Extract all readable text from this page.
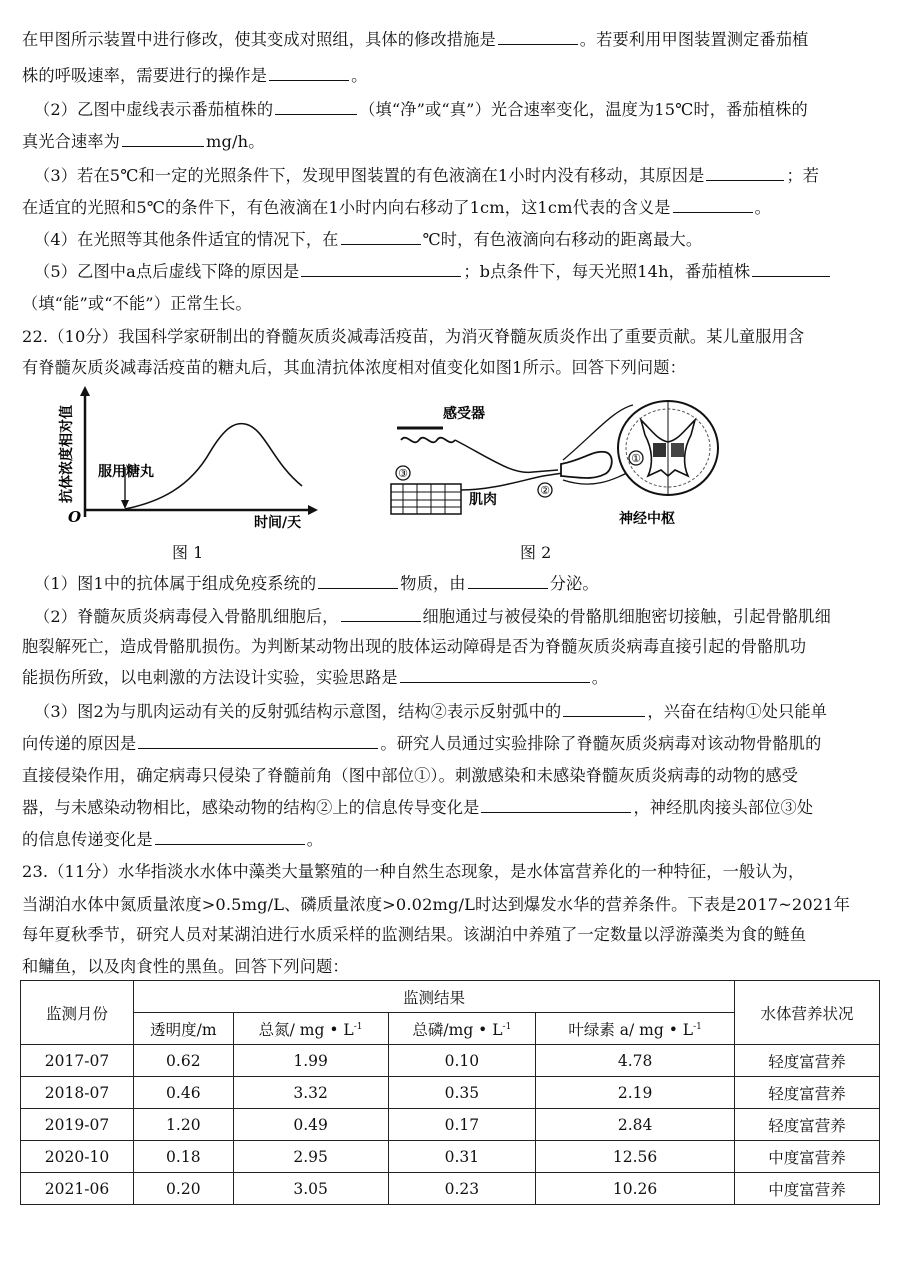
在甲图所示装置中进行修改，使其变成对照组，具体的修改措施是	。若要利用甲图装置测定番茄植
株的呼吸速率，需要进行的操作是	。
（2）乙图中虚线表示番茄植株的	（填“净”或“真”）光合速率变化，温度为15℃时，番茄植株的
真光合速率为	mg/h。
（3）若在5℃和一定的光照条件下，发现甲图装置的有色液滴在1小时内没有移动，其原因是	；若
在适宜的光照和5℃的条件下，有色液滴在1小时内向右移动了1cm，这1cm代表的含义是	。
（4）在光照等其他条件适宜的情况下，在	℃时，有色液滴向右移动的距离最大。
（5）乙图中a点后虚线下降的原因是	；b点条件下，每天光照14h，番茄植株
（填“能”或“不能”）正常生长。
22.（10分）我国科学家研制出的脊髓灰质炎减毒活疫苗，为消灭脊髓灰质炎作出了重要贡献。某儿童服用含
有脊髓灰质炎减毒活疫苗的糖丸后，其血清抗体浓度相对值变化如图1所示。回答下列问题：
（1）图1中的抗体属于组成免疫系统的	物质，由	分泌。
（2）脊髓灰质炎病毒侵入骨骼肌细胞后，	细胞通过与被侵染的骨骼肌细胞密切接触，引起骨骼肌细
胞裂解死亡，造成骨骼肌损伤。为判断某动物出现的肢体运动障碍是否为脊髓灰质炎病毒直接引起的骨骼肌功
能损伤所致，以电刺激的方法设计实验，实验思路是	。
（3）图2为与肌肉运动有关的反射弧结构示意图，结构②表示反射弧中的	，兴奋在结构①处只能单
向传递的原因是	。研究人员通过实验排除了脊髓灰质炎病毒对该动物骨骼肌的
直接侵染作用，确定病毒只侵染了脊髓前角（图中部位①）。刺激感染和未感染脊髓灰质炎病毒的动物的感受
器，与未感染动物相比，感染动物的结构②上的信息传导变化是	，神经肌肉接头部位③处
的信息传递变化是	。
23.（11分）水华指淡水水体中藻类大量繁殖的一种自然生态现象，是水体富营养化的一种特征，一般认为，
当湖泊水体中氮质量浓度>0.5mg/L、磷质量浓度>0.02mg/L时达到爆发水华的营养条件。下表是2017~2021年
每年夏秋季节，研究人员对某湖泊进行水质采样的监测结果。该湖泊中养殖了一定数量以浮游藻类为食的鲢鱼
和鳙鱼，以及肉食性的黑鱼。回答下列问题：
服用糖丸
抗体浓度相对值
O	时间/天
图 1
感受器
③
肌肉
②
①
神经中枢
图 2
监测月份	监测结果				水体营养状况
	透明度/m	总氮/ mg • $L^{-1}$	总磷/mg • $L^{-1}$	叶绿素 a/ mg • $L^{-1}$
2017-07	0.62	1.99	0.10	4.78	轻度富营养
2018-07	0.46	3.32	0.35	2.19	轻度富营养
2019-07	1.20	0.49	0.17	2.84	轻度富营养
2020-10	0.18	2.95	0.31	12.56	中度富营养
2021-06	0.20	3.05	0.23	10.26	中度富营养
